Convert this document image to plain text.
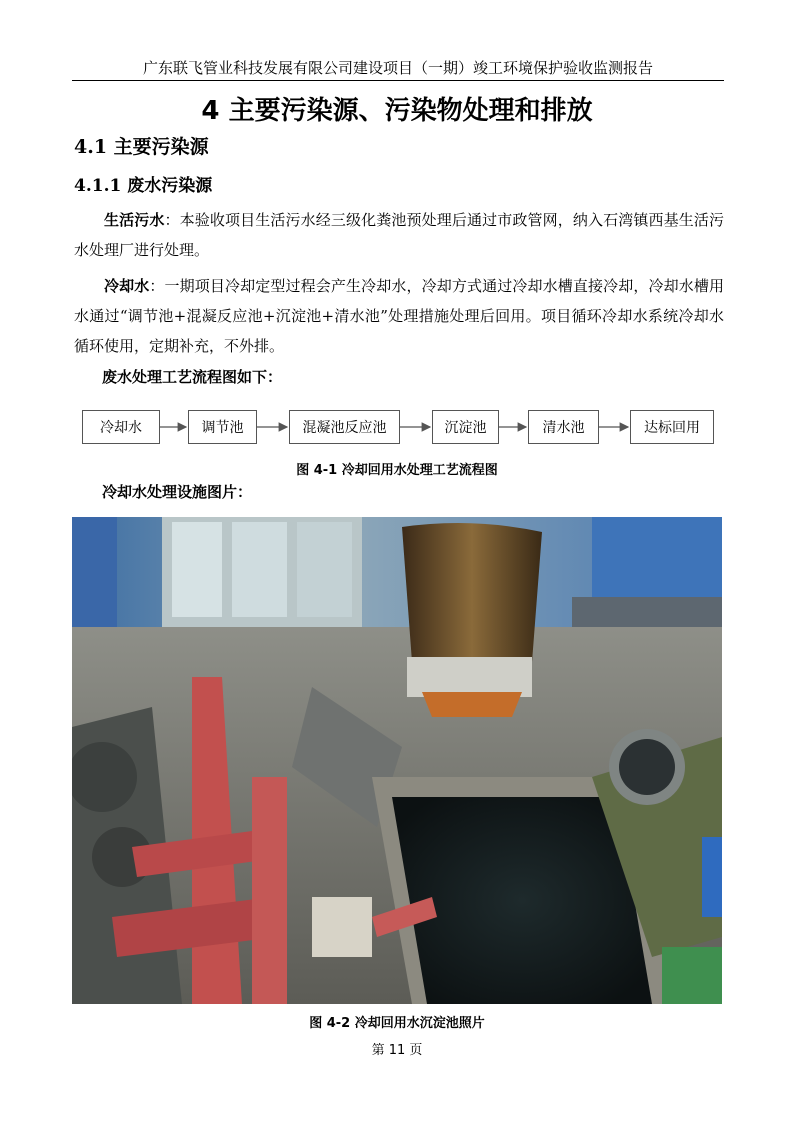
广东联飞管业科技发展有限公司建设项目（一期）竣工环境保护验收监测报告
4 主要污染源、污染物处理和排放
4.1 主要污染源
4.1.1 废水污染源
生活污水：本验收项目生活污水经三级化粪池预处理后通过市政管网，纳入石湾镇西基生活污水处理厂进行处理。
冷却水：一期项目冷却定型过程会产生冷却水，冷却方式通过冷却水槽直接冷却，冷却水槽用水通过“调节池+混凝反应池+沉淀池+清水池”处理措施处理后回用。项目循环冷却水系统冷却水循环使用，定期补充，不外排。
废水处理工艺流程图如下：
冷却水	调节池	混凝池反应池	沉淀池	清水池	达标回用
图 4-1 冷却回用水处理工艺流程图
冷却水处理设施图片：
图 4-2 冷却回用水沉淀池照片
第 11 页
